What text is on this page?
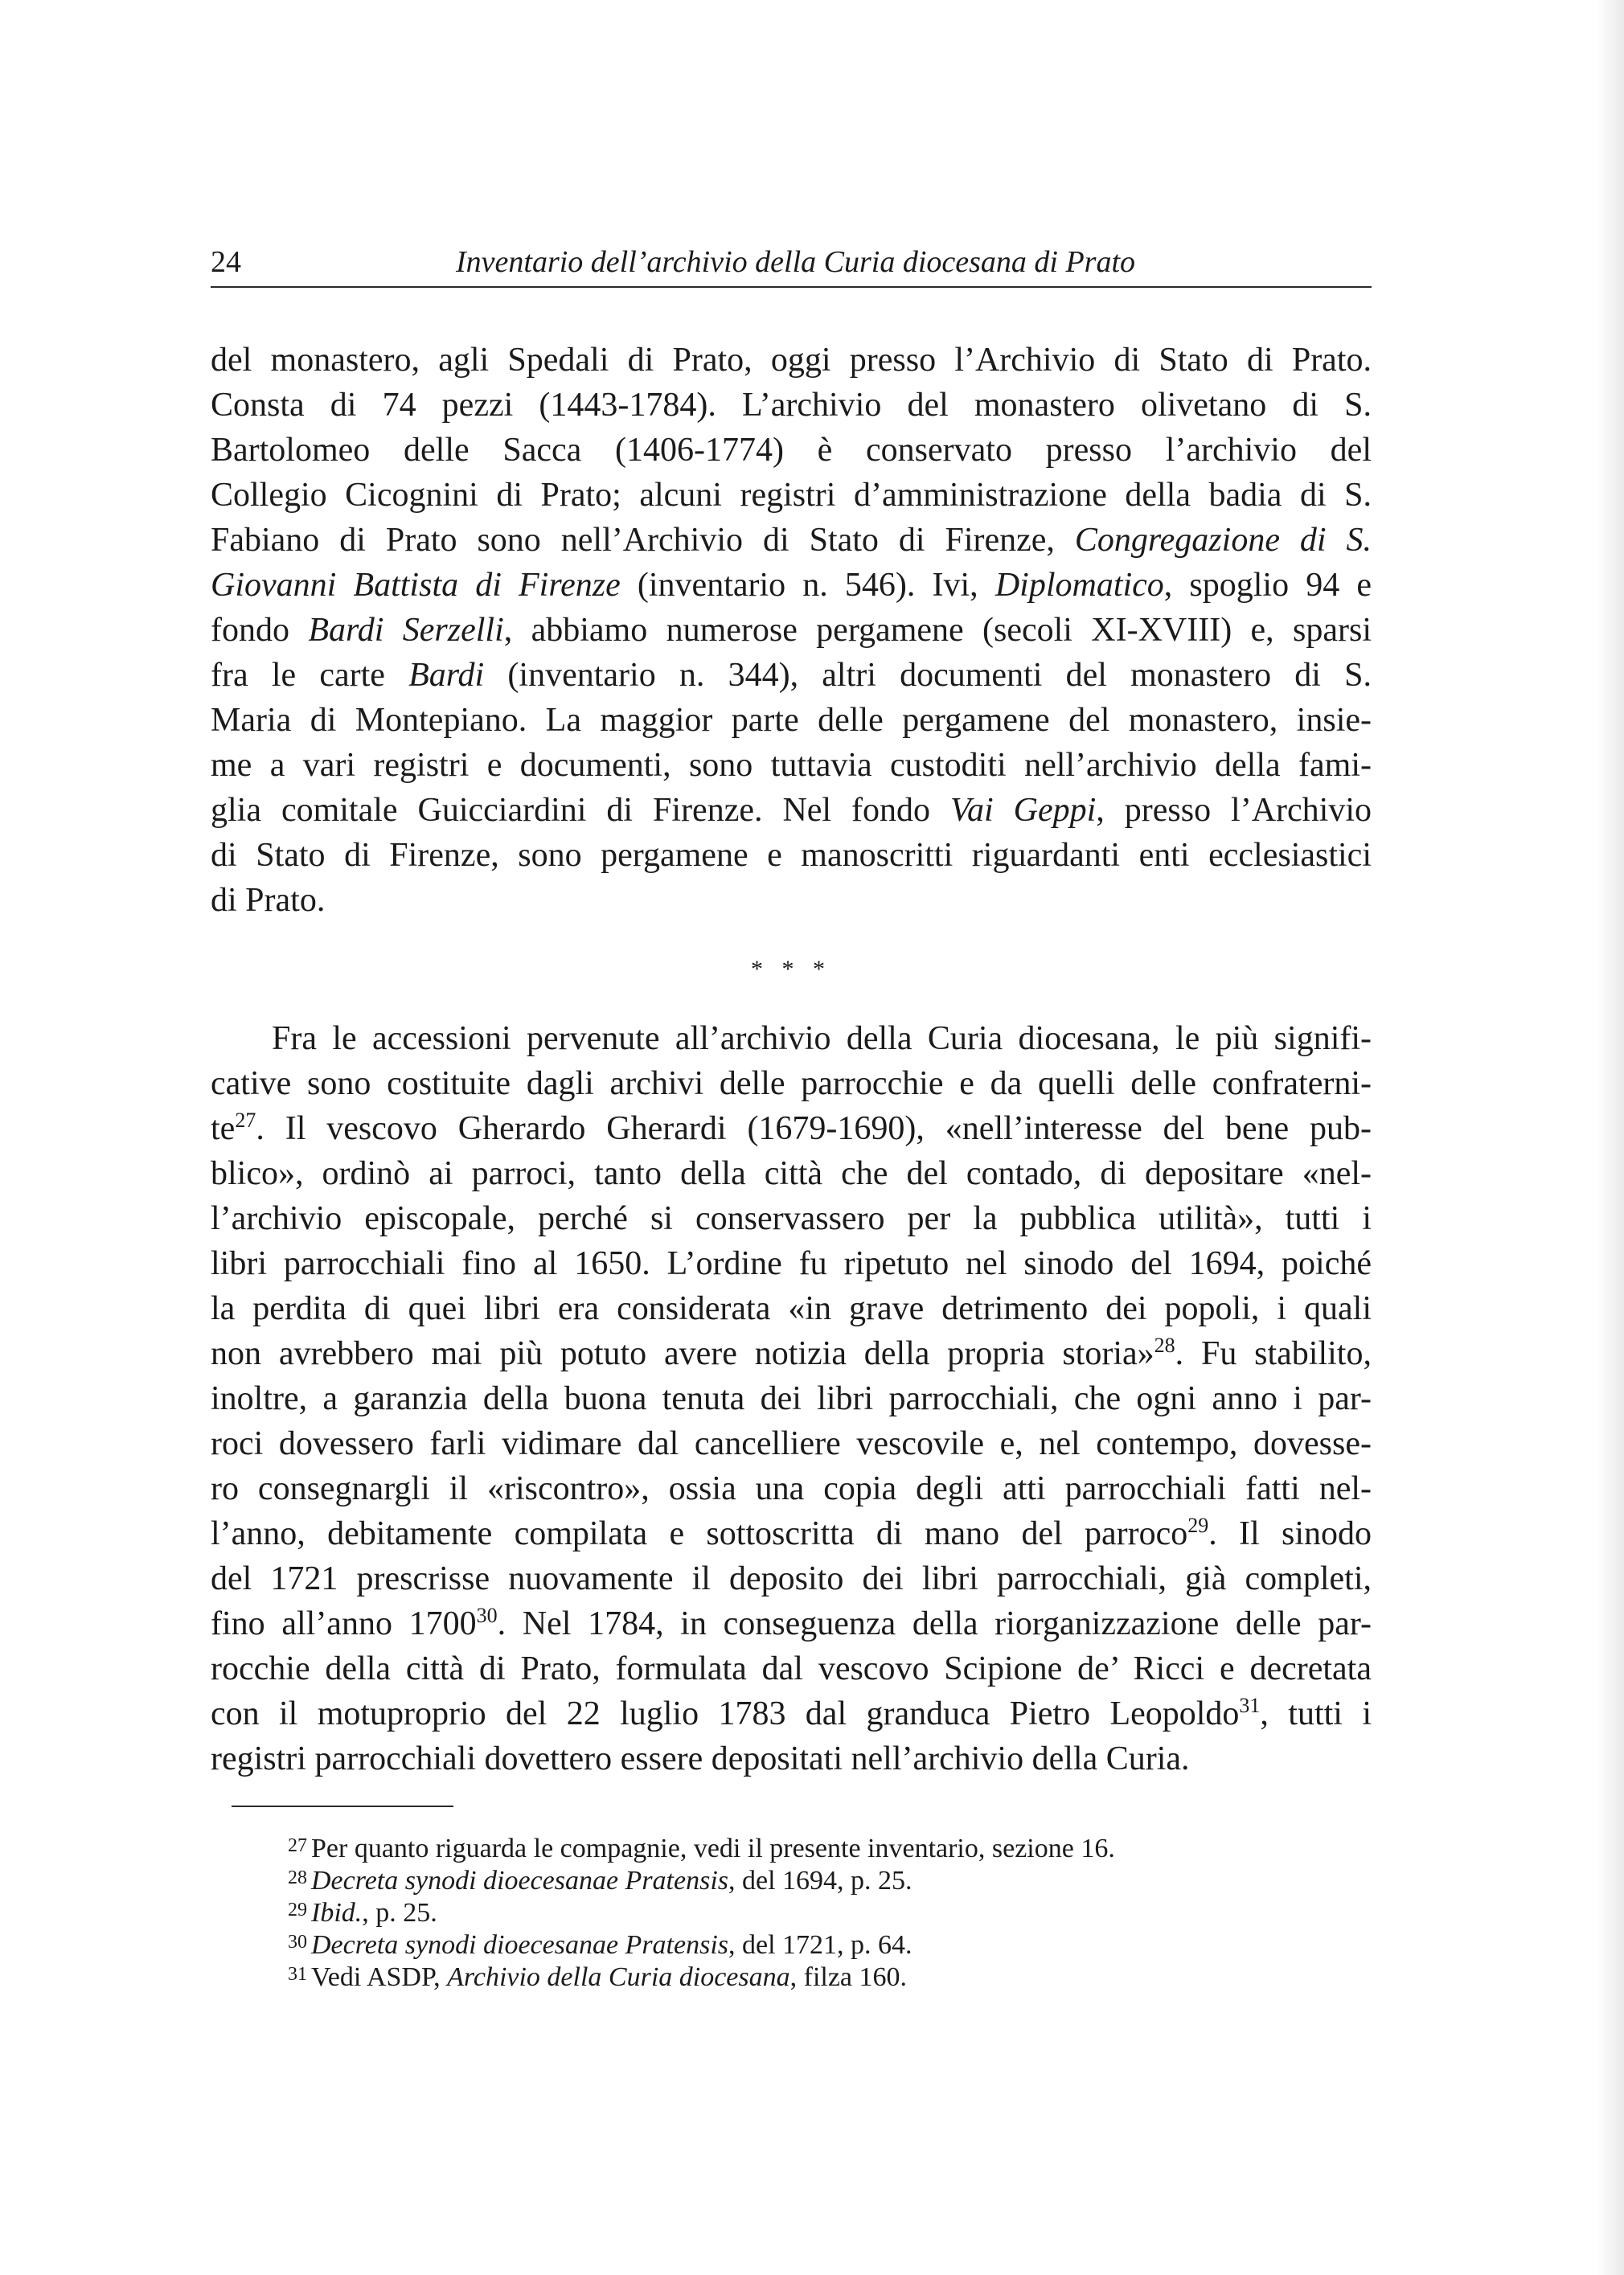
24	Inventario dell’archivio della Curia diocesana di Prato
del monastero, agli Spedali di Prato, oggi presso l’Archivio di Stato di Prato.
Consta di 74 pezzi (1443-1784). L’archivio del monastero olivetano di S.
Bartolomeo delle Sacca (1406-1774) è conservato presso l’archivio del
Collegio Cicognini di Prato; alcuni registri d’amministrazione della badia di S.
Fabiano di Prato sono nell’Archivio di Stato di Firenze, Congregazione di S.
Giovanni Battista di Firenze (inventario n. 546). Ivi, Diplomatico, spoglio 94 e
fondo Bardi Serzelli, abbiamo numerose pergamene (secoli XI-XVIII) e, sparsi
fra le carte Bardi (inventario n. 344), altri documenti del monastero di S.
Maria di Montepiano. La maggior parte delle pergamene del monastero, insie-
me a vari registri e documenti, sono tuttavia custoditi nell’archivio della fami-
glia comitale Guicciardini di Firenze. Nel fondo Vai Geppi, presso l’Archivio
di Stato di Firenze, sono pergamene e manoscritti riguardanti enti ecclesiastici
di Prato.
* * *
Fra le accessioni pervenute all’archivio della Curia diocesana, le più signifi-
cative sono costituite dagli archivi delle parrocchie e da quelli delle confraterni-
$te^{27}$. Il vescovo Gherardo Gherardi (1679-1690), «nell’interesse del bene pub-
blico», ordinò ai parroci, tanto della città che del contado, di depositare «nel-
l’archivio episcopale, perché si conservassero per la pubblica utilità», tutti i
libri parrocchiali fino al 1650. L’ordine fu ripetuto nel sinodo del 1694, poiché
la perdita di quei libri era considerata «in grave detrimento dei popoli, i quali
non avrebbero mai più potuto avere notizia della propria storia»$^{28}$. Fu stabilito,
inoltre, a garanzia della buona tenuta dei libri parrocchiali, che ogni anno i par-
roci dovessero farli vidimare dal cancelliere vescovile e, nel contempo, dovesse-
ro consegnargli il «riscontro», ossia una copia degli atti parrocchiali fatti nel-
l’anno, debitamente compilata e sottoscritta di mano del parroco$^{29}$. Il sinodo
del 1721 prescrisse nuovamente il deposito dei libri parrocchiali, già completi,
fino all’anno 1700$^{30}$. Nel 1784, in conseguenza della riorganizzazione delle par-
rocchie della città di Prato, formulata dal vescovo Scipione de’ Ricci e decretata
con il motuproprio del 22 luglio 1783 dal granduca Pietro Leopoldo$^{31}$, tutti i
registri parrocchiali dovettero essere depositati nell’archivio della Curia.
27 Per quanto riguarda le compagnie, vedi il presente inventario, sezione 16.
28 Decreta synodi dioecesanae Pratensis, del 1694, p. 25.
29 Ibid., p. 25.
30 Decreta synodi dioecesanae Pratensis, del 1721, p. 64.
31 Vedi ASDP, Archivio della Curia diocesana, filza 160.
